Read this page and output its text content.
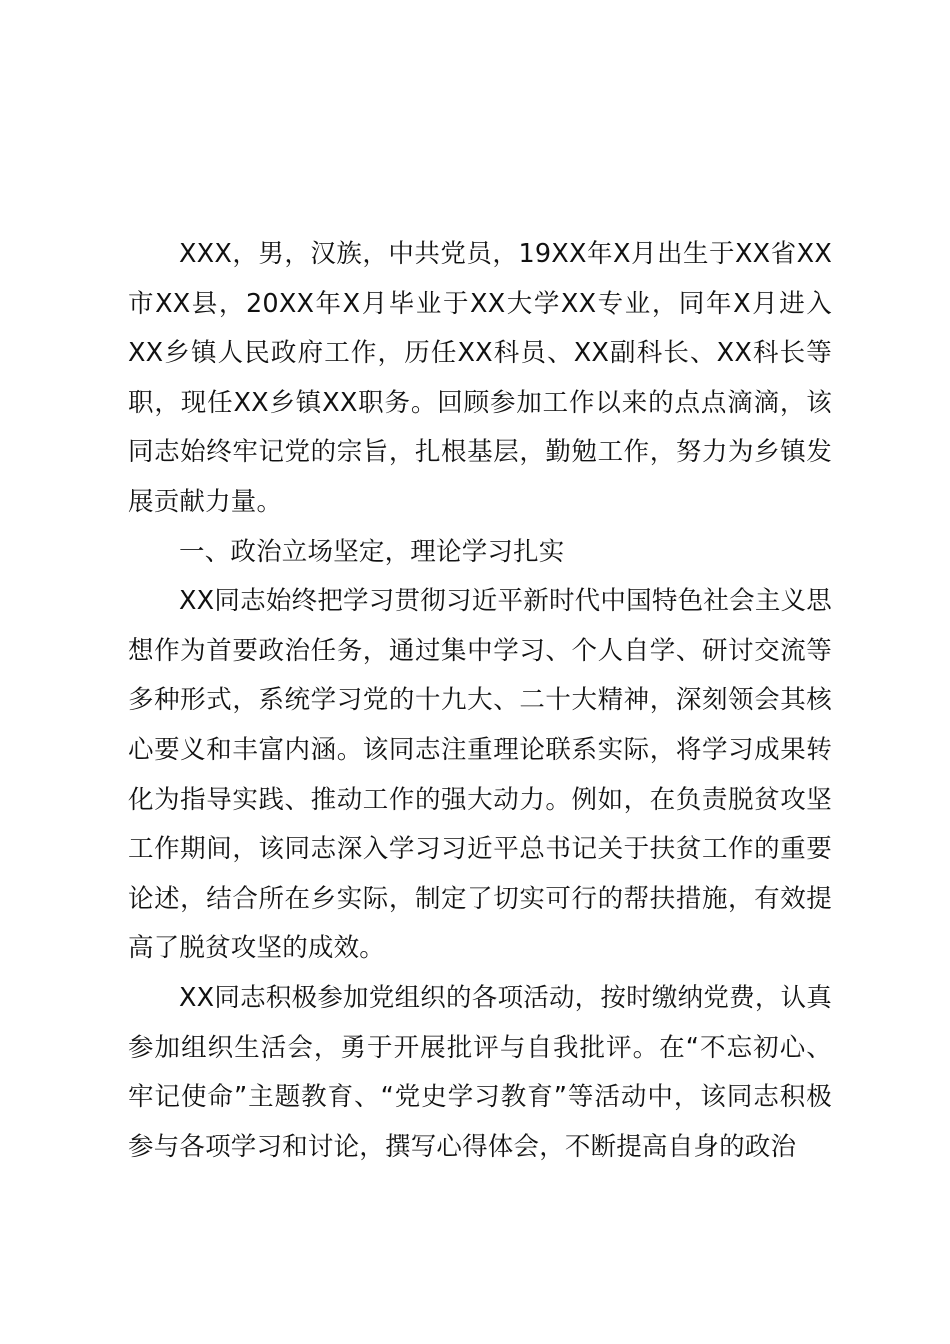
XXX，男，汉族，中共党员，19XX年X月出生于XX省XX市XX县，20XX年X月毕业于XX大学XX专业，同年X月进入XX乡镇人民政府工作，历任XX科员、XX副科长、XX科长等职，现任XX乡镇XX职务。回顾参加工作以来的点点滴滴，该同志始终牢记党的宗旨，扎根基层，勤勉工作，努力为乡镇发展贡献力量。

一、政治立场坚定，理论学习扎实

XX同志始终把学习贯彻习近平新时代中国特色社会主义思想作为首要政治任务，通过集中学习、个人自学、研讨交流等多种形式，系统学习党的十九大、二十大精神，深刻领会其核心要义和丰富内涵。该同志注重理论联系实际，将学习成果转化为指导实践、推动工作的强大动力。例如，在负责脱贫攻坚工作期间，该同志深入学习习近平总书记关于扶贫工作的重要论述，结合所在乡实际，制定了切实可行的帮扶措施，有效提高了脱贫攻坚的成效。

XX同志积极参加党组织的各项活动，按时缴纳党费，认真参加组织生活会，勇于开展批评与自我批评。在“不忘初心、牢记使命”主题教育、“党史学习教育”等活动中，该同志积极参与各项学习和讨论，撰写心得体会，不断提高自身的政治
